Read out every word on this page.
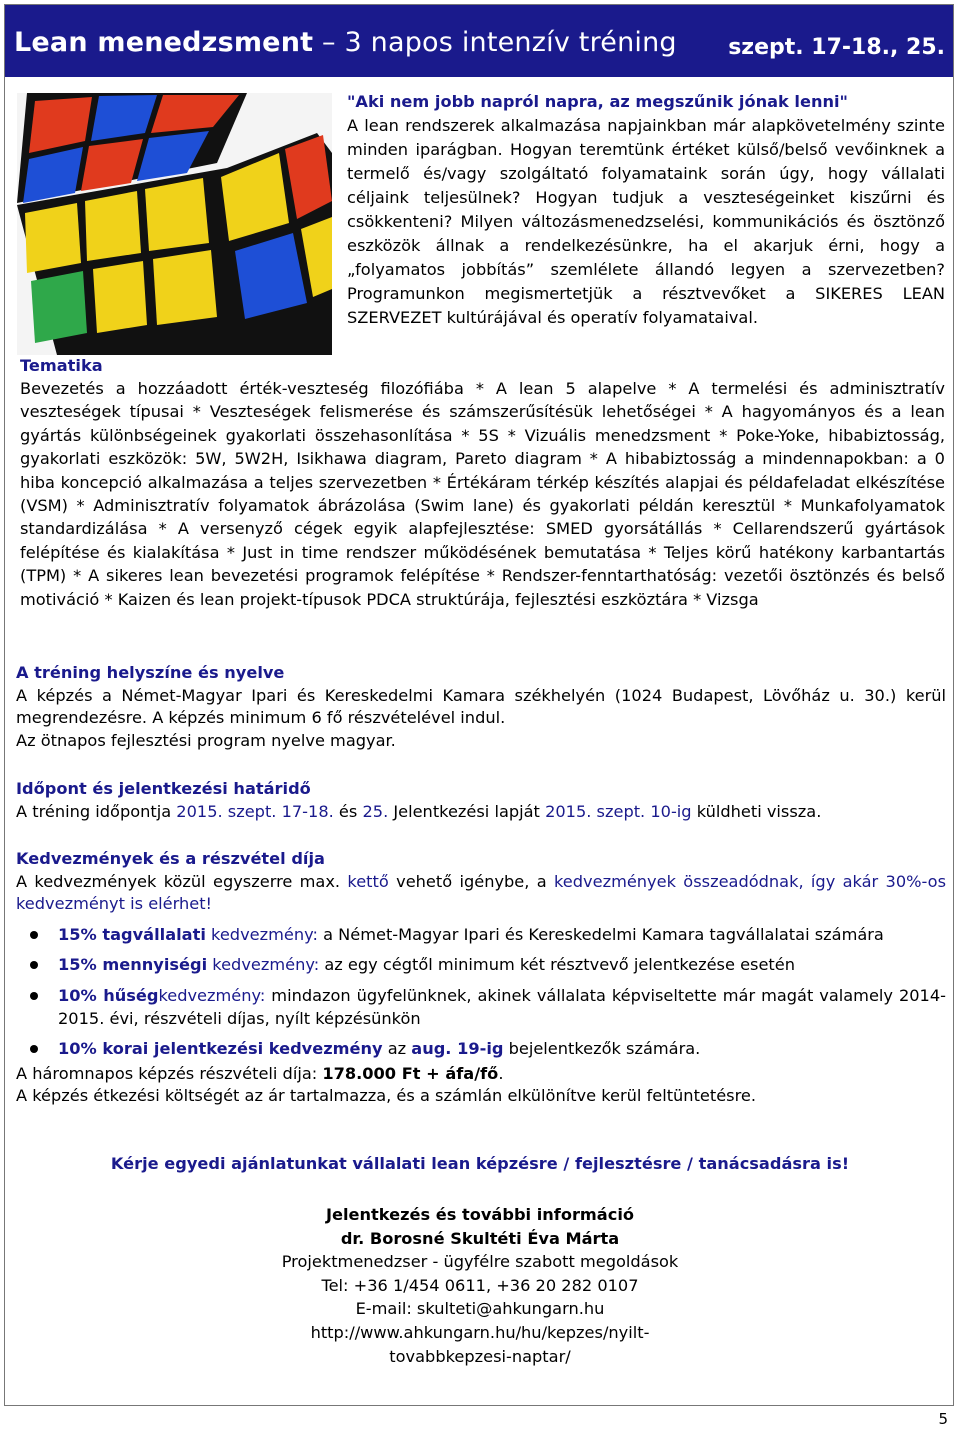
Lean menedzsment – 3 napos intenzív tréning szept. 17-18., 25.
"Aki nem jobb napról napra, az megszűnik jónak lenni"
A lean rendszerek alkalmazása napjainkban már alapkövetelmény szinte minden iparágban. Hogyan teremtünk értéket külső/belső vevőinknek a termelő és/vagy szolgáltató folyamataink során úgy, hogy vállalati céljaink teljesülnek? Hogyan tudjuk a veszteségeinket kiszűrni és csökkenteni? Milyen változásmenedzselési, kommunikációs és ösztönző eszközök állnak a rendelkezésünkre, ha el akarjuk érni, hogy a „folyamatos jobbítás” szemlélete állandó legyen a szervezetben? Programunkon megismertetjük a résztvevőket a SIKERES LEAN SZERVEZET kultúrájával és operatív folyamataival.
Tematika
Bevezetés a hozzáadott érték-veszteség filozófiába * A lean 5 alapelve * A termelési és adminisztratív veszteségek típusai * Veszteségek felismerése és számszerűsítésük lehetőségei * A hagyományos és a lean gyártás különbségeinek gyakorlati összehasonlítása * 5S * Vizuális menedzsment * Poke-Yoke, hibabiztosság, gyakorlati eszközök: 5W, 5W2H, Isikhawa diagram, Pareto diagram * A hibabiztosság a mindennapokban: a 0 hiba koncepció alkalmazása a teljes szervezetben * Értékáram térkép készítés alapjai és példafeladat elkészítése (VSM) * Adminisztratív folyamatok ábrázolása (Swim lane) és gyakorlati példán keresztül * Munkafolyamatok standardizálása * A versenyző cégek egyik alapfejlesztése: SMED gyorsátállás * Cellarendszerű gyártások felépítése és kialakítása * Just in time rendszer működésének bemutatása * Teljes körű hatékony karbantartás (TPM) * A sikeres lean bevezetési programok felépítése * Rendszer-fenntarthatóság: vezetői ösztönzés és belső motiváció * Kaizen és lean projekt-típusok PDCA struktúrája, fejlesztési eszköztára * Vizsga
A tréning helyszíne és nyelve
A képzés a Német-Magyar Ipari és Kereskedelmi Kamara székhelyén (1024 Budapest, Lövőház u. 30.) kerül megrendezésre. A képzés minimum 6 fő részvételével indul.
Az ötnapos fejlesztési program nyelve magyar.
Időpont és jelentkezési határidő
A tréning időpontja 2015. szept. 17-18. és 25. Jelentkezési lapját 2015. szept. 10-ig küldheti vissza.
Kedvezmények és a részvétel díja
A kedvezmények közül egyszerre max. kettő vehető igénybe, a kedvezmények összeadódnak, így akár 30%-os kedvezményt is elérhet!
15% tagvállalati kedvezmény: a Német-Magyar Ipari és Kereskedelmi Kamara tagvállalatai számára
15% mennyiségi kedvezmény: az egy cégtől minimum két résztvevő jelentkezése esetén
10% hűségkedvezmény: mindazon ügyfelünknek, akinek vállalata képviseltette már magát valamely 2014-2015. évi, részvételi díjas, nyílt képzésünkön
10% korai jelentkezési kedvezmény az aug. 19-ig bejelentkezők számára.
A háromnapos képzés részvételi díja: 178.000 Ft + áfa/fő.
A képzés étkezési költségét az ár tartalmazza, és a számlán elkülönítve kerül feltüntetésre.
Kérje egyedi ajánlatunkat vállalati lean képzésre / fejlesztésre / tanácsadásra is!
Jelentkezés és további információ
dr. Borosné Skultéti Éva Márta
Projektmenedzser - ügyfélre szabott megoldások
Tel: +36 1/454 0611, +36 20 282 0107
E-mail: skulteti@ahkungarn.hu
http://www.ahkungarn.hu/hu/kepzes/nyilt-
tovabbkepzesi-naptar/
5
